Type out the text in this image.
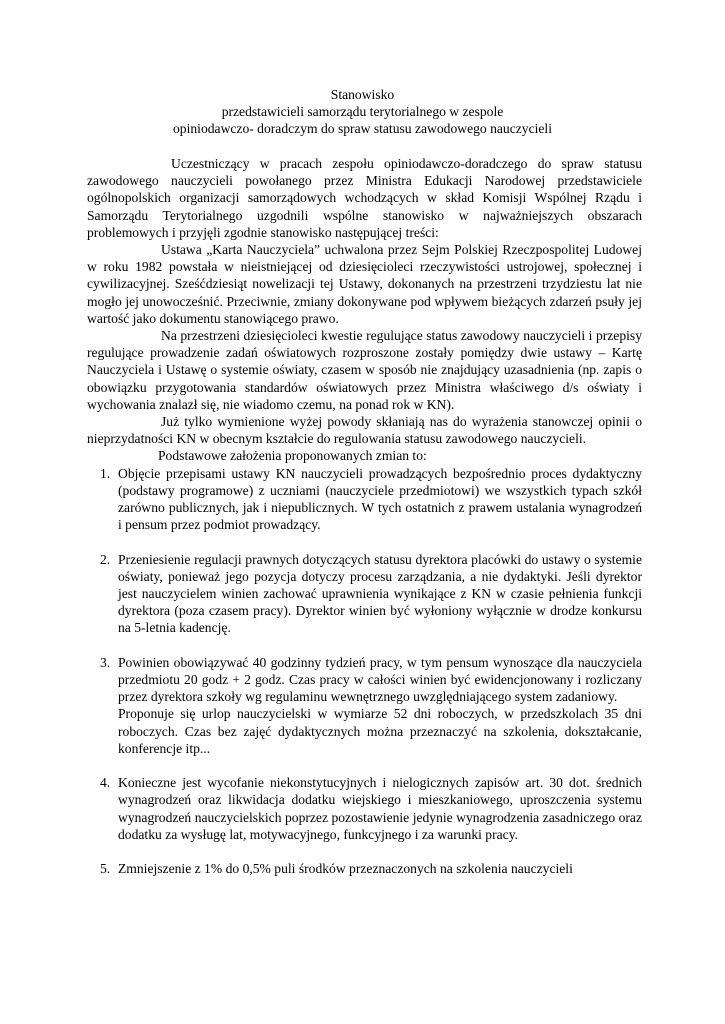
Stanowisko
przedstawicieli samorządu terytorialnego w zespole
opiniodawczo- doradczym do spraw statusu zawodowego nauczycieli

Uczestniczący w pracach zespołu opiniodawczo-doradczego do spraw statusu zawodowego nauczycieli powołanego przez Ministra Edukacji Narodowej przedstawiciele ogólnopolskich organizacji samorządowych wchodzących w skład Komisji Wspólnej Rządu i Samorządu Terytorialnego uzgodnili wspólne stanowisko w najważniejszych obszarach problemowych i przyjęli zgodnie stanowisko następującej treści:

Ustawa „Karta Nauczyciela” uchwalona przez Sejm Polskiej Rzeczpospolitej Ludowej w roku 1982 powstała w nieistniejącej od dziesięcioleci rzeczywistości ustrojowej, społecznej i cywilizacyjnej. Sześćdziesiąt nowelizacji tej Ustawy, dokonanych na przestrzeni trzydziestu lat nie mogło jej unowocześnić. Przeciwnie, zmiany dokonywane pod wpływem bieżących zdarzeń psuły jej wartość jako dokumentu stanowiącego prawo.

Na przestrzeni dziesięcioleci kwestie regulujące status zawodowy nauczycieli i przepisy regulujące prowadzenie zadań oświatowych rozproszone zostały pomiędzy dwie ustawy – Kartę Nauczyciela i Ustawę o systemie oświaty, czasem w sposób nie znajdujący uzasadnienia (np. zapis o obowiązku przygotowania standardów oświatowych przez Ministra właściwego d/s oświaty i wychowania znalazł się, nie wiadomo czemu, na ponad rok w KN).

Już tylko wymienione wyżej powody skłaniają nas do wyrażenia stanowczej opinii o nieprzydatności KN w obecnym kształcie do regulowania statusu zawodowego nauczycieli.

Podstawowe założenia proponowanych zmian to:

1. Objęcie przepisami ustawy KN nauczycieli prowadzących bezpośrednio proces dydaktyczny (podstawy programowe) z uczniami (nauczyciele przedmiotowi) we wszystkich typach szkół zarówno publicznych, jak i niepublicznych. W tych ostatnich z prawem ustalania wynagrodzeń i pensum przez podmiot prowadzący.

2. Przeniesienie regulacji prawnych dotyczących statusu dyrektora placówki do ustawy o systemie oświaty, ponieważ jego pozycja dotyczy procesu zarządzania, a nie dydaktyki. Jeśli dyrektor jest nauczycielem winien zachować uprawnienia wynikające z KN w czasie pełnienia funkcji dyrektora (poza czasem pracy). Dyrektor winien być wyłoniony wyłącznie w drodze konkursu na 5-letnia kadencję.

3. Powinien obowiązywać 40 godzinny tydzień pracy, w tym pensum wynoszące dla nauczyciela przedmiotu 20 godz + 2 godz. Czas pracy w całości winien być ewidencjonowany i rozliczany przez dyrektora szkoły wg regulaminu wewnętrznego uwzględniającego system zadaniowy.

Proponuje się urlop nauczycielski w wymiarze 52 dni roboczych, w przedszkolach 35 dni roboczych. Czas bez zajęć dydaktycznych można przeznaczyć na szkolenia, dokształcanie, konferencje itp...

4. Konieczne jest wycofanie niekonstytucyjnych i nielogicznych zapisów art. 30 dot. średnich wynagrodzeń oraz likwidacja dodatku wiejskiego i mieszkaniowego, uproszczenia systemu wynagrodzeń nauczycielskich poprzez pozostawienie jedynie wynagrodzenia zasadniczego oraz dodatku za wysługę lat, motywacyjnego, funkcyjnego i za warunki pracy.

5. Zmniejszenie z 1% do 0,5% puli środków przeznaczonych na szkolenia nauczycieli
